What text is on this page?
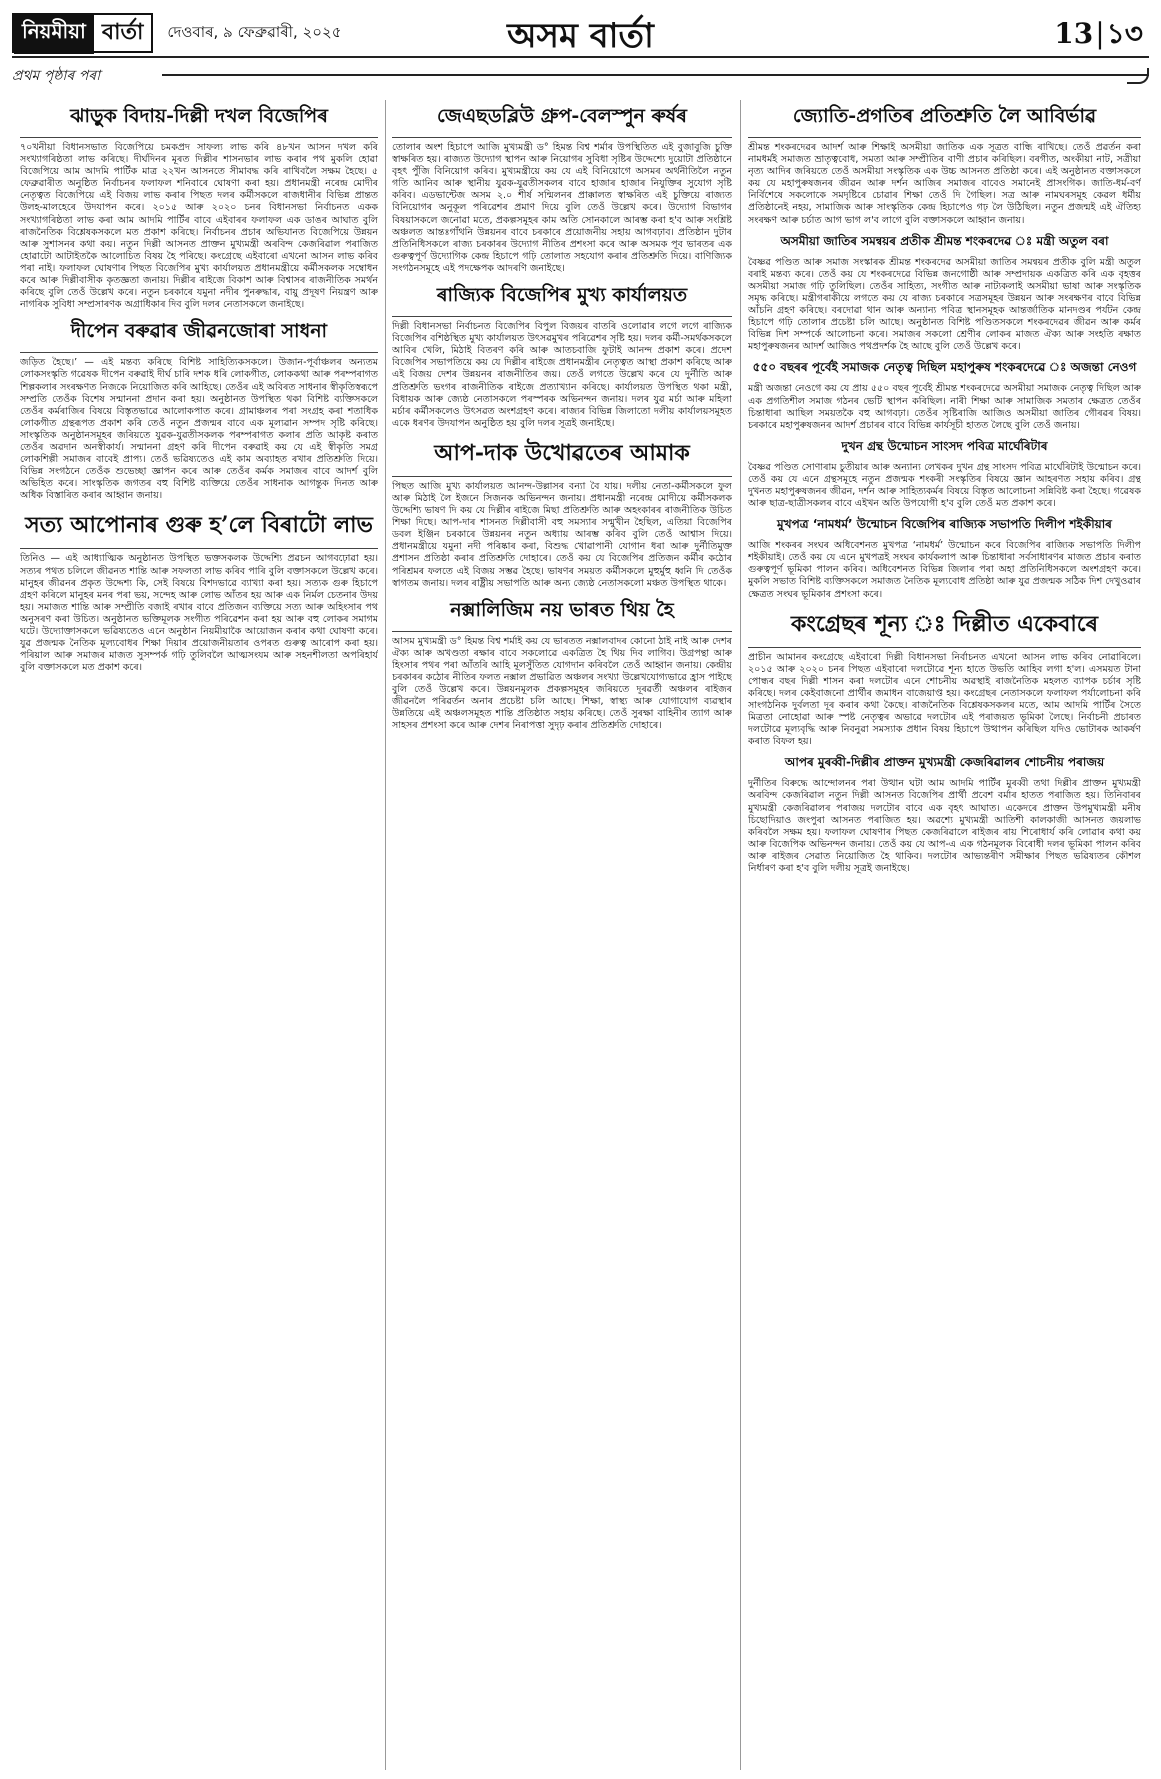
নিয়মীয়া বাৰ্তা	দেওবাৰ, ৯ ফেব্ৰুৱাৰী, ২০২৫	অসম বাৰ্তা	13|১৩
প্ৰথম পৃষ্ঠাৰ পৰা
ঝাড়ুক বিদায়-দিল্লী দখল বিজেপিৰ

৭০খনীয়া বিধানসভাত বিজেপিয়ে চমকপ্ৰদ সাফল্য লাভ কৰি ৪৮খন আসন দখল কৰি সংখ্যাগৰিষ্ঠতা লাভ কৰিছে। দীৰ্ঘদিনৰ মূৰত দিল্লীৰ শাসনভাৰ লাভ কৰাৰ পথ মুকলি হোৱা বিজেপিয়ে আম আদমি পাৰ্টিক মাত্ৰ ২২খন আসনতে সীমাবদ্ধ কৰি ৰাখিবলৈ সক্ষম হৈছে। ৫ ফেব্ৰুৱাৰীত অনুষ্ঠিত নিৰ্বাচনৰ ফলাফল শনিবাৰে ঘোষণা কৰা হয়। প্ৰধানমন্ত্ৰী নৰেন্দ্ৰ মোদীৰ নেতৃত্বত বিজেপিয়ে এই বিজয় লাভ কৰাৰ পিছত দলৰ কৰ্মীসকলে ৰাজধানীৰ বিভিন্ন প্ৰান্তত উলহ-মালহেৰে উদযাপন কৰে। ২০১৫ আৰু ২০২০ চনৰ বিধানসভা নিৰ্বাচনত একক সংখ্যাগৰিষ্ঠতা লাভ কৰা আম আদমি পাৰ্টিৰ বাবে এইবাৰৰ ফলাফল এক ডাঙৰ আঘাত বুলি ৰাজনৈতিক বিশ্লেষকসকলে মত প্ৰকাশ কৰিছে। নিৰ্বাচনৰ প্ৰচাৰ অভিযানত বিজেপিয়ে উন্নয়ন আৰু সুশাসনৰ কথা কয়। নতুন দিল্লী আসনত প্ৰাক্তন মুখ্যমন্ত্ৰী অৰবিন্দ কেজৰিৱাল পৰাজিত হোৱাটো আটাইতকৈ আলোচিত বিষয় হৈ পৰিছে। কংগ্ৰেছে এইবাৰো এখনো আসন লাভ কৰিব পৰা নাই। ফলাফল ঘোষণাৰ পিছত বিজেপিৰ মুখ্য কাৰ্যালয়ত প্ৰধানমন্ত্ৰীয়ে কৰ্মীসকলক সম্বোধন কৰে আৰু দিল্লীবাসীক কৃতজ্ঞতা জনায়। দিল্লীৰ ৰাইজে বিকাশ আৰু বিশ্বাসৰ ৰাজনীতিক সমৰ্থন কৰিছে বুলি তেওঁ উল্লেখ কৰে। নতুন চৰকাৰে যমুনা নদীৰ পুনৰুদ্ধাৰ, বায়ু প্ৰদূষণ নিয়ন্ত্ৰণ আৰু নাগৰিক সুবিধা সম্প্ৰসাৰণক অগ্ৰাধিকাৰ দিব বুলি দলৰ নেতাসকলে জনাইছে।

দীপেন বৰুৱাৰ জীৱনজোৰা সাধনা

জড়িত হৈছে।’ — এই মন্তব্য কৰিছে বিশিষ্ট সাহিত্যিকসকলে। উজান-পূৰ্বাঞ্চলৰ অন্যতম লোকসংস্কৃতি গৱেষক দীপেন বৰুৱাই দীৰ্ঘ চাৰি দশক ধৰি লোকগীত, লোককথা আৰু পৰম্পৰাগত শিল্পকলাৰ সংৰক্ষণত নিজকে নিয়োজিত কৰি আহিছে। তেওঁৰ এই অবিৰত সাধনাৰ স্বীকৃতিস্বৰূপে সম্প্ৰতি তেওঁক বিশেষ সন্মাননা প্ৰদান কৰা হয়। অনুষ্ঠানত উপস্থিত থকা বিশিষ্ট ব্যক্তিসকলে তেওঁৰ কৰ্মৰাজিৰ বিষয়ে বিস্তৃতভাৱে আলোকপাত কৰে। গ্ৰামাঞ্চলৰ পৰা সংগ্ৰহ কৰা শতাধিক লোকগীত গ্ৰন্থৰূপত প্ৰকাশ কৰি তেওঁ নতুন প্ৰজন্মৰ বাবে এক মূল্যৱান সম্পদ সৃষ্টি কৰিছে। সাংস্কৃতিক অনুষ্ঠানসমূহৰ জৰিয়তে যুৱক-যুৱতীসকলক পৰম্পৰাগত কলাৰ প্ৰতি আকৃষ্ট কৰাত তেওঁৰ অৱদান অনস্বীকাৰ্য। সন্মাননা গ্ৰহণ কৰি দীপেন বৰুৱাই কয় যে এই স্বীকৃতি সমগ্ৰ লোকশিল্পী সমাজৰ বাবেই প্ৰাপ্য। তেওঁ ভৱিষ্যতেও এই কাম অব্যাহত ৰখাৰ প্ৰতিশ্ৰুতি দিয়ে। বিভিন্ন সংগঠনে তেওঁক শুভেচ্ছা জ্ঞাপন কৰে আৰু তেওঁৰ কৰ্মক সমাজৰ বাবে আদৰ্শ বুলি অভিহিত কৰে। সাংস্কৃতিক জগতৰ বহু বিশিষ্ট ব্যক্তিয়ে তেওঁৰ সাধনাক আগন্তুক দিনত আৰু অধিক বিস্তাৰিত কৰাৰ আহ্বান জনায়।

সত্য আপোনাৰ গুৰু হ’লে বিৰাটো লাভ

তিনিও — এই আধ্যাত্মিক অনুষ্ঠানত উপস্থিত ভক্তসকলক উদ্দেশ্যি প্ৰৱচন আগবঢ়োৱা হয়। সত্যৰ পথত চলিলে জীৱনত শান্তি আৰু সফলতা লাভ কৰিব পাৰি বুলি বক্তাসকলে উল্লেখ কৰে। মানুহৰ জীৱনৰ প্ৰকৃত উদ্দেশ্য কি, সেই বিষয়ে বিশদভাৱে ব্যাখ্যা কৰা হয়। সত্যক গুৰু হিচাপে গ্ৰহণ কৰিলে মানুহৰ মনৰ পৰা ভয়, সন্দেহ আৰু লোভ আঁতৰ হয় আৰু এক নিৰ্মল চেতনাৰ উদয় হয়। সমাজত শান্তি আৰু সম্প্ৰীতি বজাই ৰখাৰ বাবে প্ৰতিজন ব্যক্তিয়ে সত্য আৰু অহিংসাৰ পথ অনুসৰণ কৰা উচিত। অনুষ্ঠানত ভক্তিমূলক সংগীত পৰিৱেশন কৰা হয় আৰু বহু লোকৰ সমাগম ঘটে। উদ্যোক্তাসকলে ভৱিষ্যতেও এনে অনুষ্ঠান নিয়মীয়াকৈ আয়োজন কৰাৰ কথা ঘোষণা কৰে। যুৱ প্ৰজন্মক নৈতিক মূল্যবোধৰ শিক্ষা দিয়াৰ প্ৰয়োজনীয়তাৰ ওপৰত গুৰুত্ব আৰোপ কৰা হয়। পৰিয়াল আৰু সমাজৰ মাজত সুসম্পৰ্ক গঢ়ি তুলিবলৈ আত্মসংযম আৰু সহনশীলতা অপৰিহাৰ্য বুলি বক্তাসকলে মত প্ৰকাশ কৰে।

জেএছডব্লিউ গ্ৰুপ-বেলস্পুন ৰুৰ্ষৰ

তোলাৰ অংশ হিচাপে আজি মুখ্যমন্ত্ৰী ড° হিমন্ত বিশ্ব শৰ্মাৰ উপস্থিতিত এই বুজাবুজি চুক্তি স্বাক্ষৰিত হয়। ৰাজ্যত উদ্যোগ স্থাপন আৰু নিয়োগৰ সুবিধা সৃষ্টিৰ উদ্দেশ্যে দুয়োটা প্ৰতিষ্ঠানে বৃহৎ পুঁজি বিনিয়োগ কৰিব। মুখ্যমন্ত্ৰীয়ে কয় যে এই বিনিয়োগে অসমৰ অৰ্থনীতিলৈ নতুন গতি আনিব আৰু স্থানীয় যুৱক-যুৱতীসকলৰ বাবে হাজাৰ হাজাৰ নিযুক্তিৰ সুযোগ সৃষ্টি কৰিব। এডভান্টেজ অসম ২.০ শীৰ্ষ সন্মিলনৰ প্ৰাক্কালত স্বাক্ষৰিত এই চুক্তিয়ে ৰাজ্যত বিনিয়োগৰ অনুকূল পৰিৱেশৰ প্ৰমাণ দিয়ে বুলি তেওঁ উল্লেখ কৰে। উদ্যোগ বিভাগৰ বিষয়াসকলে জনোৱা মতে, প্ৰকল্পসমূহৰ কাম অতি সোনকালে আৰম্ভ কৰা হ'ব আৰু সংশ্লিষ্ট অঞ্চলত আন্তঃগাঁথনি উন্নয়নৰ বাবে চৰকাৰে প্ৰয়োজনীয় সহায় আগবঢ়াব। প্ৰতিষ্ঠান দুটাৰ প্ৰতিনিধিসকলে ৰাজ্য চৰকাৰৰ উদ্যোগ নীতিৰ প্ৰশংসা কৰে আৰু অসমক পূব ভাৰতৰ এক গুৰুত্বপূৰ্ণ উদ্যোগিক কেন্দ্ৰ হিচাপে গঢ়ি তোলাত সহযোগ কৰাৰ প্ৰতিশ্ৰুতি দিয়ে। বাণিজ্যিক সংগঠনসমূহে এই পদক্ষেপক আদৰণি জনাইছে।

ৰাজ্যিক বিজেপিৰ মুখ্য কাৰ্যালয়ত

দিল্লী বিধানসভা নিৰ্বাচনত বিজেপিৰ বিপুল বিজয়ৰ বাতৰি ওলোৱাৰ লগে লগে ৰাজ্যিক বিজেপিৰ বশিষ্ঠস্থিত মুখ্য কাৰ্যালয়ত উৎসৱমুখৰ পৰিৱেশৰ সৃষ্টি হয়। দলৰ কৰ্মী-সমৰ্থকসকলে আবিৰ খেলি, মিঠাই বিতৰণ কৰি আৰু আতচবাজি ফুটাই আনন্দ প্ৰকাশ কৰে। প্ৰদেশ বিজেপিৰ সভাপতিয়ে কয় যে দিল্লীৰ ৰাইজে প্ৰধানমন্ত্ৰীৰ নেতৃত্বত আস্থা প্ৰকাশ কৰিছে আৰু এই বিজয় দেশৰ উন্নয়নৰ ৰাজনীতিৰ জয়। তেওঁ লগতে উল্লেখ কৰে যে দুৰ্নীতি আৰু প্ৰতিশ্ৰুতি ভংগৰ ৰাজনীতিক ৰাইজে প্ৰত্যাখ্যান কৰিছে। কাৰ্যালয়ত উপস্থিত থকা মন্ত্ৰী, বিধায়ক আৰু জ্যেষ্ঠ নেতাসকলে পৰস্পৰক অভিনন্দন জনায়। দলৰ যুৱ মৰ্চা আৰু মহিলা মৰ্চাৰ কৰ্মীসকলেও উৎসৱত অংশগ্ৰহণ কৰে। ৰাজ্যৰ বিভিন্ন জিলাতো দলীয় কাৰ্যালয়সমূহত একে ধৰণৰ উদযাপন অনুষ্ঠিত হয় বুলি দলৰ সূত্ৰই জনাইছে।

আপ-দাক উখোৱতেৰ আমাক

পিছত আজি মুখ্য কাৰ্যালয়ত আনন্দ-উল্লাসৰ বন্যা বৈ যায়। দলীয় নেতা-কৰ্মীসকলে ফুল আৰু মিঠাই লৈ ইজনে সিজনক অভিনন্দন জনায়। প্ৰধানমন্ত্ৰী নৰেন্দ্ৰ মোদীয়ে কৰ্মীসকলক উদ্দেশ্যি ভাষণ দি কয় যে দিল্লীৰ ৰাইজে মিছা প্ৰতিশ্ৰুতি আৰু অহংকাৰৰ ৰাজনীতিক উচিত শিক্ষা দিছে। আপ-দাৰ শাসনত দিল্লীবাসী বহু সমস্যাৰ সন্মুখীন হৈছিল, এতিয়া বিজেপিৰ ডবল ইঞ্জিন চৰকাৰে উন্নয়নৰ নতুন অধ্যায় আৰম্ভ কৰিব বুলি তেওঁ আশ্বাস দিয়ে। প্ৰধানমন্ত্ৰীয়ে যমুনা নদী পৰিষ্কাৰ কৰা, বিশুদ্ধ খোৱাপানী যোগান ধৰা আৰু দুৰ্নীতিমুক্ত প্ৰশাসন প্ৰতিষ্ঠা কৰাৰ প্ৰতিশ্ৰুতি দোহাৰে। তেওঁ কয় যে বিজেপিৰ প্ৰতিজন কৰ্মীৰ কঠোৰ পৰিশ্ৰমৰ ফলতে এই বিজয় সম্ভৱ হৈছে। ভাষণৰ সময়ত কৰ্মীসকলে মুহুৰ্মুহু ধ্বনি দি তেওঁক স্বাগতম জনায়। দলৰ ৰাষ্ট্ৰীয় সভাপতি আৰু অন্য জ্যেষ্ঠ নেতাসকলো মঞ্চত উপস্থিত থাকে।

নক্সালিজিম নয় ভাৰত থিয় হৈ

আসম মুখ্যমন্ত্ৰী ড° হিমন্ত বিশ্ব শৰ্মাই কয় যে ভাৰতত নক্সালবাদৰ কোনো ঠাই নাই আৰু দেশৰ ঐক্য আৰু অখণ্ডতা ৰক্ষাৰ বাবে সকলোৱে একত্ৰিত হৈ থিয় দিব লাগিব। উগ্ৰপন্থা আৰু হিংসাৰ পথৰ পৰা আঁতৰি আহি মূলসুঁতিত যোগদান কৰিবলৈ তেওঁ আহ্বান জনায়। কেন্দ্ৰীয় চৰকাৰৰ কঠোৰ নীতিৰ ফলত নক্সাল প্ৰভাৱিত অঞ্চলৰ সংখ্যা উল্লেখযোগ্যভাৱে হ্ৰাস পাইছে বুলি তেওঁ উল্লেখ কৰে। উন্নয়নমূলক প্ৰকল্পসমূহৰ জৰিয়তে দূৰৱৰ্তী অঞ্চলৰ ৰাইজৰ জীৱনলৈ পৰিৱৰ্তন অনাৰ প্ৰচেষ্টা চলি আছে। শিক্ষা, স্বাস্থ্য আৰু যোগাযোগ ব্যৱস্থাৰ উন্নতিয়ে এই অঞ্চলসমূহত শান্তি প্ৰতিষ্ঠাত সহায় কৰিছে। তেওঁ সুৰক্ষা বাহিনীৰ ত্যাগ আৰু সাহসৰ প্ৰশংসা কৰে আৰু দেশৰ নিৰাপত্তা সুদৃঢ় কৰাৰ প্ৰতিশ্ৰুতি দোহাৰে।

জ্যোতি-প্ৰগতিৰ প্ৰতিশ্ৰুতি লৈ আবিৰ্ভাৱ

শ্ৰীমন্ত শংকৰদেৱৰ আদৰ্শ আৰু শিক্ষাই অসমীয়া জাতিক এক সূত্ৰত বান্ধি ৰাখিছে। তেওঁ প্ৰৱৰ্তন কৰা নামধৰ্মই সমাজত ভ্ৰাতৃত্ববোধ, সমতা আৰু সম্প্ৰীতিৰ বাণী প্ৰচাৰ কৰিছিল। বৰগীত, অংকীয়া নাট, সত্ৰীয়া নৃত্য আদিৰ জৰিয়তে তেওঁ অসমীয়া সংস্কৃতিক এক উচ্চ আসনত প্ৰতিষ্ঠা কৰে। এই অনুষ্ঠানত বক্তাসকলে কয় যে মহাপুৰুষজনৰ জীৱন আৰু দৰ্শন আজিৰ সমাজৰ বাবেও সমানেই প্ৰাসংগিক। জাতি-ধৰ্ম-বৰ্ণ নিৰ্বিশেষে সকলোকে সমদৃষ্টিৰে চোৱাৰ শিক্ষা তেওঁ দি গৈছিল। সত্ৰ আৰু নামঘৰসমূহ কেৱল ধৰ্মীয় প্ৰতিষ্ঠানেই নহয়, সামাজিক আৰু সাংস্কৃতিক কেন্দ্ৰ হিচাপেও গঢ় লৈ উঠিছিল। নতুন প্ৰজন্মই এই ঐতিহ্য সংৰক্ষণ আৰু চৰ্চাত আগ ভাগ ল'ব লাগে বুলি বক্তাসকলে আহ্বান জনায়।

অসমীয়া জাতিৰ সমন্বয়ৰ প্ৰতীক শ্ৰীমন্ত শংকৰদেৱ ঃ মন্ত্ৰী অতুল বৰা

বৈষ্ণৱ পণ্ডিত আৰু সমাজ সংস্কাৰক শ্ৰীমন্ত শংকৰদেৱ অসমীয়া জাতিৰ সমন্বয়ৰ প্ৰতীক বুলি মন্ত্ৰী অতুল বৰাই মন্তব্য কৰে। তেওঁ কয় যে শংকৰদেৱে বিভিন্ন জনগোষ্ঠী আৰু সম্প্ৰদায়ক একত্ৰিত কৰি এক বৃহত্তৰ অসমীয়া সমাজ গঢ়ি তুলিছিল। তেওঁৰ সাহিত্য, সংগীত আৰু নাট্যকলাই অসমীয়া ভাষা আৰু সংস্কৃতিক সমৃদ্ধ কৰিছে। মন্ত্ৰীগৰাকীয়ে লগতে কয় যে ৰাজ্য চৰকাৰে সত্ৰসমূহৰ উন্নয়ন আৰু সংৰক্ষণৰ বাবে বিভিন্ন আঁচনি গ্ৰহণ কৰিছে। বৰদোৱা থান আৰু অন্যান্য পবিত্ৰ স্থানসমূহক আন্তৰ্জাতিক মানদণ্ডৰ পৰ্যটন কেন্দ্ৰ হিচাপে গঢ়ি তোলাৰ প্ৰচেষ্টা চলি আছে। অনুষ্ঠানত বিশিষ্ট পণ্ডিতসকলে শংকৰদেৱৰ জীৱন আৰু কৰ্মৰ বিভিন্ন দিশ সম্পৰ্কে আলোচনা কৰে। সমাজৰ সকলো শ্ৰেণীৰ লোকৰ মাজত ঐক্য আৰু সংহতি ৰক্ষাত মহাপুৰুষজনৰ আদৰ্শ আজিও পথপ্ৰদৰ্শক হৈ আছে বুলি তেওঁ উল্লেখ কৰে।

৫৫০ বছৰৰ পূৰ্বেই সমাজক নেতৃত্ব দিছিল মহাপুৰুষ শংকৰদেৱে ঃ অজন্তা নেওগ

মন্ত্ৰী অজন্তা নেওগে কয় যে প্ৰায় ৫৫০ বছৰ পূৰ্বেই শ্ৰীমন্ত শংকৰদেৱে অসমীয়া সমাজক নেতৃত্ব দিছিল আৰু এক প্ৰগতিশীল সমাজ গঠনৰ ভেটি স্থাপন কৰিছিল। নাৰী শিক্ষা আৰু সামাজিক সমতাৰ ক্ষেত্ৰত তেওঁৰ চিন্তাধাৰা আছিল সময়তকৈ বহু আগবঢ়া। তেওঁৰ সৃষ্টিৰাজি আজিও অসমীয়া জাতিৰ গৌৰৱৰ বিষয়। চৰকাৰে মহাপুৰুষজনৰ আদৰ্শ প্ৰচাৰৰ বাবে বিভিন্ন কাৰ্যসূচী হাতত লৈছে বুলি তেওঁ জনায়।

দুখন গ্ৰন্থ উন্মোচন সাংসদ পবিত্ৰ মাৰ্ঘেৰিটাৰ

বৈষ্ণৱ পণ্ডিত সোণাৰাম চুতীয়াৰ আৰু অন্যান্য লেখকৰ দুখন গ্ৰন্থ সাংসদ পবিত্ৰ মাৰ্ঘেৰিটাই উন্মোচন কৰে। তেওঁ কয় যে এনে গ্ৰন্থসমূহে নতুন প্ৰজন্মক শংকৰী সংস্কৃতিৰ বিষয়ে জ্ঞান আহৰণত সহায় কৰিব। গ্ৰন্থ দুখনত মহাপুৰুষজনৰ জীৱন, দৰ্শন আৰু সাহিত্যকৰ্মৰ বিষয়ে বিস্তৃত আলোচনা সন্নিবিষ্ট কৰা হৈছে। গৱেষক আৰু ছাত্ৰ-ছাত্ৰীসকলৰ বাবে এইখন অতি উপযোগী হ'ব বুলি তেওঁ মত প্ৰকাশ কৰে।

মুখপত্ৰ ‘নামধৰ্ম’ উন্মোচন বিজেপিৰ ৰাজ্যিক সভাপতি দিলীপ শইকীয়াৰ

আজি শংকৰৰ সংঘৰ অধিবেশনত মুখপত্ৰ ‘নামধৰ্ম’ উন্মোচন কৰে বিজেপিৰ ৰাজ্যিক সভাপতি দিলীপ শইকীয়াই। তেওঁ কয় যে এনে মুখপত্ৰই সংঘৰ কাৰ্যকলাপ আৰু চিন্তাধাৰা সৰ্বসাধাৰণৰ মাজত প্ৰচাৰ কৰাত গুৰুত্বপূৰ্ণ ভূমিকা পালন কৰিব। অধিবেশনত বিভিন্ন জিলাৰ পৰা অহা প্ৰতিনিধিসকলে অংশগ্ৰহণ কৰে। মুকলি সভাত বিশিষ্ট ব্যক্তিসকলে সমাজত নৈতিক মূল্যবোধ প্ৰতিষ্ঠা আৰু যুৱ প্ৰজন্মক সঠিক দিশ দেখুওৱাৰ ক্ষেত্ৰত সংঘৰ ভূমিকাৰ প্ৰশংসা কৰে।

কংগ্ৰেছৰ শূন্য ঃ দিল্লীত একেবাৰে

প্ৰাচীন আমানৰ কংগ্ৰেছে এইবাৰো দিল্লী বিধানসভা নিৰ্বাচনত এখনো আসন লাভ কৰিব নোৱাৰিলে। ২০১৫ আৰু ২০২০ চনৰ পিছত এইবাৰো দলটোৱে শূন্য হাতে উভতি আহিব লগা হ'ল। এসময়ত টানা পোন্ধৰ বছৰ দিল্লী শাসন কৰা দলটোৰ এনে শোচনীয় অৱস্থাই ৰাজনৈতিক মহলত ব্যাপক চৰ্চাৰ সৃষ্টি কৰিছে। দলৰ কেইবাজনো প্ৰাৰ্থীৰ জমাধন বাজেয়াপ্ত হয়। কংগ্ৰেছৰ নেতাসকলে ফলাফল পৰ্যালোচনা কৰি সাংগঠনিক দুৰ্বলতা দূৰ কৰাৰ কথা কৈছে। ৰাজনৈতিক বিশ্লেষকসকলৰ মতে, আম আদমি পাৰ্টিৰ সৈতে মিত্ৰতা নোহোৱা আৰু স্পষ্ট নেতৃত্বৰ অভাৱে দলটোৰ এই পৰাজয়ত ভূমিকা লৈছে। নিৰ্বাচনী প্ৰচাৰত দলটোৱে মূল্যবৃদ্ধি আৰু নিবনুৱা সমস্যাক প্ৰধান বিষয় হিচাপে উত্থাপন কৰিছিল যদিও ভোটাৰক আকৰ্ষণ কৰাত বিফল হয়।

আপৰ মুৰব্বী-দিল্লীৰ প্ৰাক্তন মুখ্যমন্ত্ৰী কেজৰিৱালৰ শোচনীয় পৰাজয়

দুৰ্নীতিৰ বিৰুদ্ধে আন্দোলনৰ পৰা উত্থান ঘটা আম আদমি পাৰ্টিৰ মুৰব্বী তথা দিল্লীৰ প্ৰাক্তন মুখ্যমন্ত্ৰী অৰবিন্দ কেজৰিৱাল নতুন দিল্লী আসনত বিজেপিৰ প্ৰাৰ্থী প্ৰবেশ বৰ্মাৰ হাতত পৰাজিত হয়। তিনিবাৰৰ মুখ্যমন্ত্ৰী কেজৰিৱালৰ পৰাজয় দলটোৰ বাবে এক বৃহৎ আঘাত। একেদৰে প্ৰাক্তন উপমুখ্যমন্ত্ৰী মনীষ চিছোদিয়াও জংপুৰা আসনত পৰাজিত হয়। অৱশ্যে মুখ্যমন্ত্ৰী আতিশী কালকাজী আসনত জয়লাভ কৰিবলৈ সক্ষম হয়। ফলাফল ঘোষণাৰ পিছত কেজৰিৱালে ৰাইজৰ ৰায় শিৰোধাৰ্য কৰি লোৱাৰ কথা কয় আৰু বিজেপিক অভিনন্দন জনায়। তেওঁ কয় যে আপ-এ এক গঠনমূলক বিৰোধী দলৰ ভূমিকা পালন কৰিব আৰু ৰাইজৰ সেৱাত নিয়োজিত হৈ থাকিব। দলটোৰ আভ্যন্তৰীণ সমীক্ষাৰ পিছত ভৱিষ্যতৰ কৌশল নিৰ্ধাৰণ কৰা হ'ব বুলি দলীয় সূত্ৰই জনাইছে।
